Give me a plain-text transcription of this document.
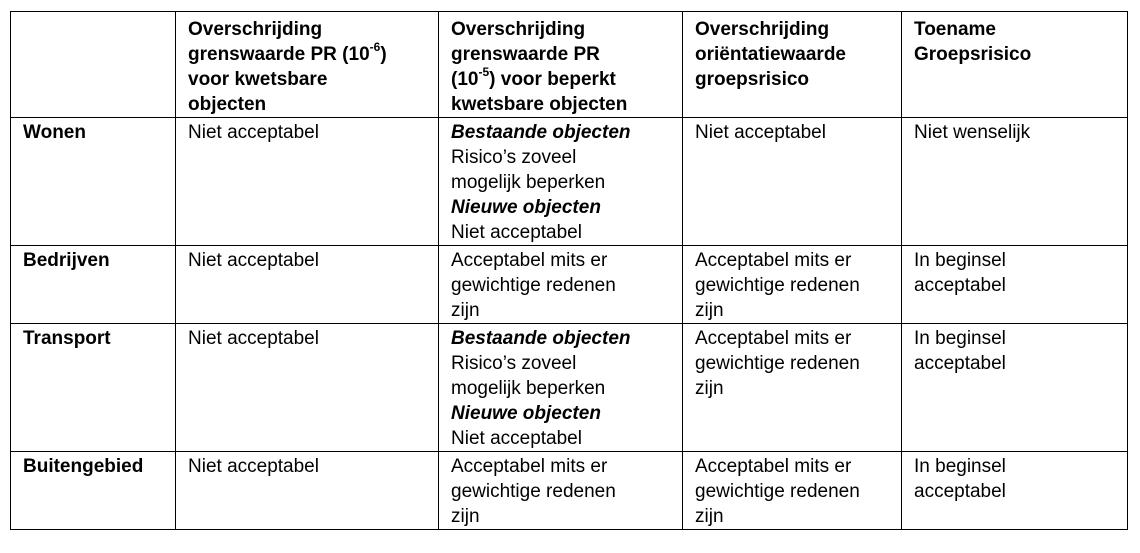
	Overschrijding
grenswaarde PR $(10^{-6})$
voor kwetsbare
objecten	Overschrijding
grenswaarde PR
$(10^{-5})$ voor beperkt
kwetsbare objecten	Overschrijding
oriëntatiewaarde
groepsrisico	Toename
Groepsrisico

Wonen	Niet acceptabel	Bestaande objecten
Risico’s zoveel
mogelijk beperken
Nieuwe objecten
Niet acceptabel	Niet acceptabel	Niet wenselijk
Bedrijven	Niet acceptabel	Acceptabel mits er
gewichtige redenen
zijn	Acceptabel mits er
gewichtige redenen
zijn	In beginsel
acceptabel

Transport	Niet acceptabel	Bestaande objecten
Risico’s zoveel
mogelijk beperken
Nieuwe objecten
Niet acceptabel	Acceptabel mits er
gewichtige redenen
zijn	In beginsel
acceptabel

Buitengebied	Niet acceptabel	Acceptabel mits er
gewichtige redenen
zijn	Acceptabel mits er
gewichtige redenen
zijn	In beginsel
acceptabel
